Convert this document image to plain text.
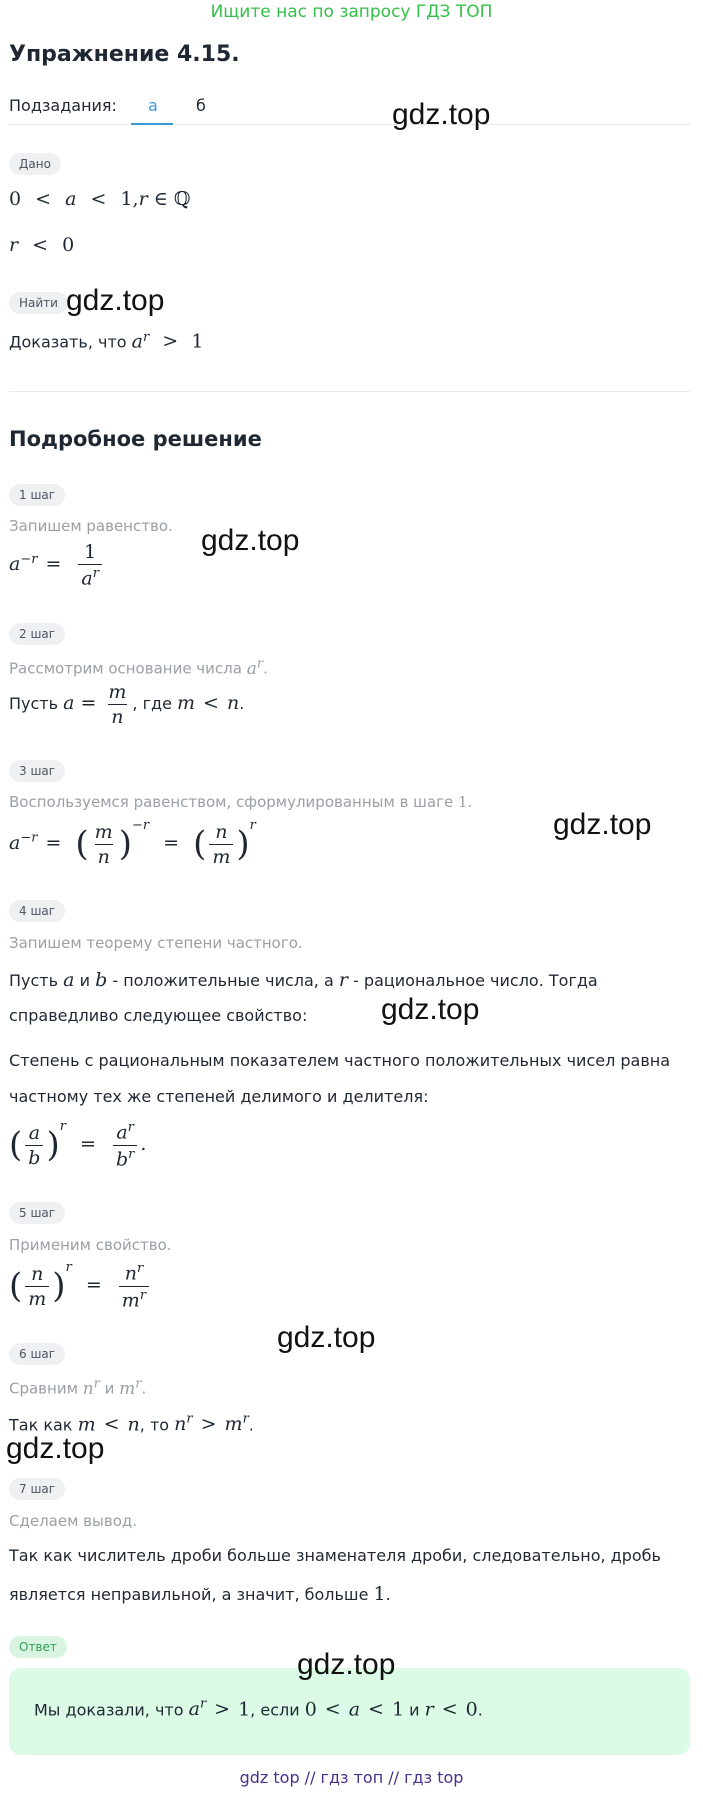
Ищите нас по запросу ГДЗ ТОП
Упражнение 4.15.
Подзадания:	а	б
Дано
0 < a < 1,r ∈ ℚ
r < 0
Найти
Доказать, что $a^r > 1$
Подробное решение
1 шаг
Запишем равенство.
$a^{-r} = \frac{1}{a^r}$
2 шаг
Рассмотрим основание числа $a^r$.
Пусть $a = \frac{m}{n}$ , где m < n.
3 шаг
Воспользуемся равенством, сформулированным в шаге 1.
$a^{-r}$ = ( $\frac{m}{n} )^{-r}$ = ( $\frac{n}{m} )^r$
4 шаг
Запишем теорему степени частного.
Пусть a и b - положительные числа, а r - рациональное число. Тогда
справедливо следующее свойство:
Степень с рациональным показателем частного положительных чисел равна
частному тех же степеней делимого и делителя:
( $\frac{a}{b} )^r = \frac{a^r}{b^r}$ .
5 шаг
Применим свойство.
( $\frac{n}{m} )^r = \frac{n^r}{m^r}$
6 шаг
Сравним $n^r$ и $m^r$.
Так как m < n, то $n^r > m^r$.
7 шаг
Сделаем вывод.
Так как числитель дроби больше знаменателя дроби, следовательно, дробь
является неправильной, а значит, больше 1.
Ответ
Мы доказали, что $a^r > 1$, если 0 < a < 1 и r < 0.
gdz.top
gdz.top
gdz.top
gdz.top
gdz.top
gdz.top
gdz.top
gdz.top
gdz top // гдз топ // гдз top
